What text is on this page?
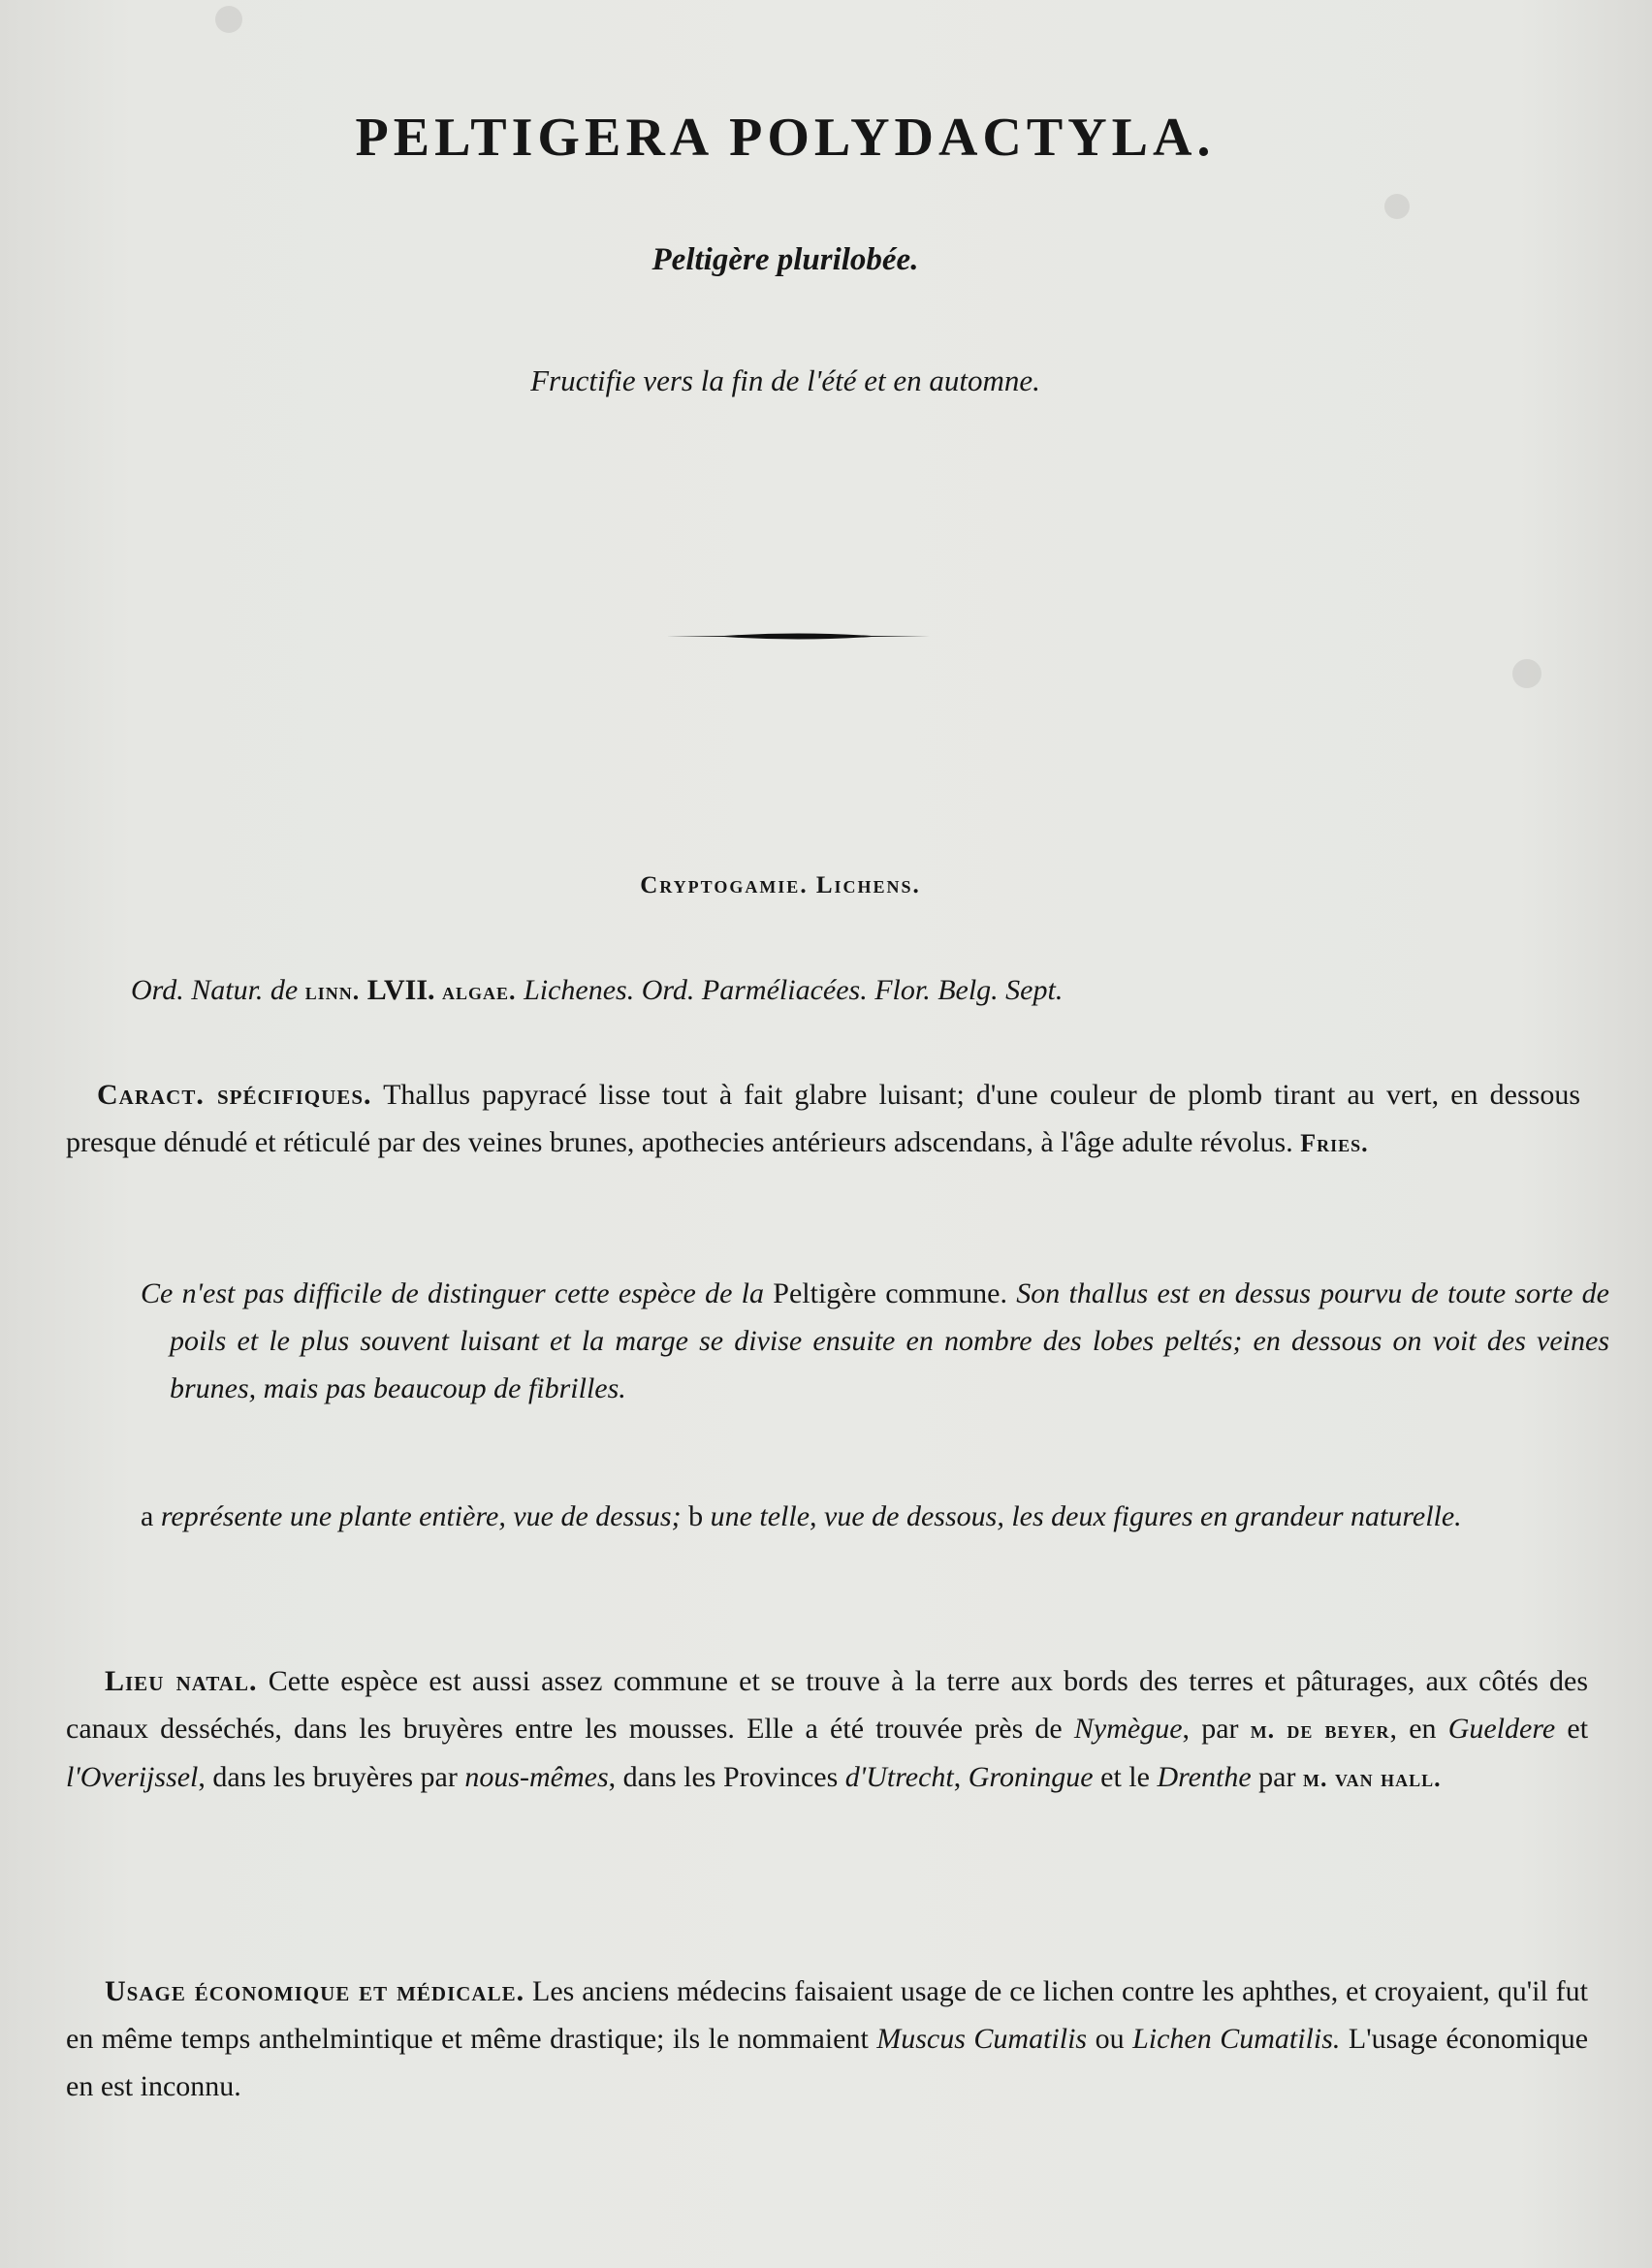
PELTIGERA POLYDACTYLA.
Peltigère plurilobée.
Fructifie vers la fin de l'été et en automne.
Cryptogamie. Lichens.
Ord. Natur. de linn. LVII. algae. Lichenes. Ord. Parméliacées. Flor. Belg. Sept.
Caract. spécifiques. Thallus papyracé lisse tout à fait glabre luisant; d'une couleur de plomb tirant au vert, en dessous presque dénudé et réticulé par des veines brunes, apothecies antérieurs adscendans, à l'âge adulte révolus. Fries.
Ce n'est pas difficile de distinguer cette espèce de la Peltigère commune. Son thallus est en dessus pourvu de toute sorte de poils et le plus souvent luisant et la marge se divise ensuite en nombre des lobes peltés; en dessous on voit des veines brunes, mais pas beaucoup de fibrilles.
a représente une plante entière, vue de dessus; b une telle, vue de dessous, les deux figures en grandeur naturelle.
Lieu natal. Cette espèce est aussi assez commune et se trouve à la terre aux bords des terres et pâturages, aux côtés des canaux desséchés, dans les bruyères entre les mousses. Elle a été trouvée près de Nymègue, par m. de beyer, en Gueldere et l'Overijssel, dans les bruyères par nous-mêmes, dans les Provinces d'Utrecht, Groningue et le Drenthe par m. van hall.
Usage économique et médicale. Les anciens médecins faisaient usage de ce lichen contre les aphthes, et croyaient, qu'il fut en même temps anthelmintique et même drastique; ils le nommaient Muscus Cumatilis ou Lichen Cumatilis. L'usage économique en est inconnu.
